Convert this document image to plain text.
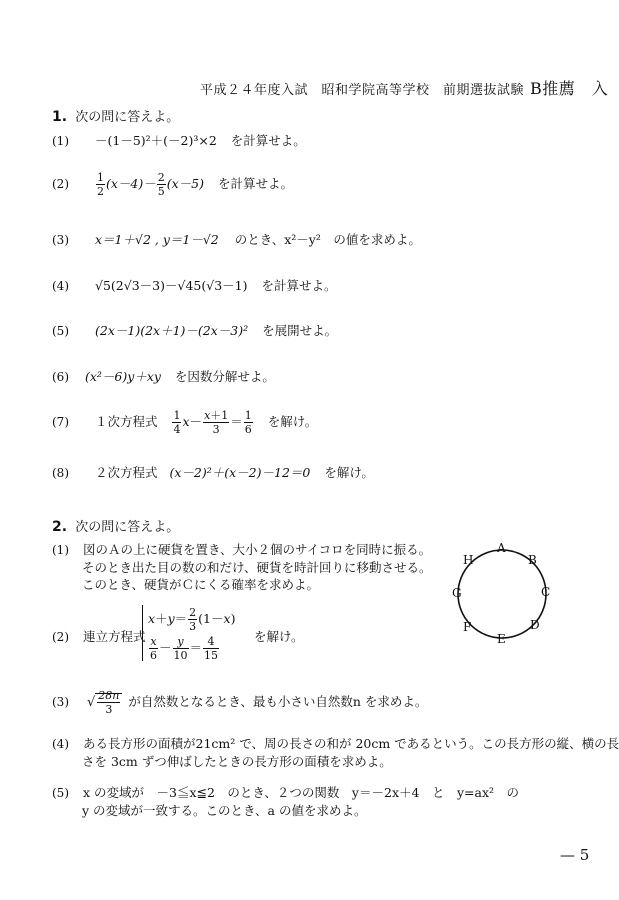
平成２４年度入試　昭和学院高等学校　前期選抜試験 B推薦　入
1. 次の問に答えよ。
(1) －(1－5)²＋(－2)³×2 を計算せよ。
$(2) \frac{1}{2} (x-4)- \frac{2}{5} (x-5)$ を計算せよ。
(3) x＝1＋√2 , y＝1－√2 のとき、x²－y²　の値を求めよ。
(4) √5(2√3－3)－√45(√3－1) を計算せよ。
(5) (2x－1)(2x＋1)－(2x－3)² を展開せよ。
(6) (x²－6)y＋xy を因数分解せよ。
(7) １次方程式 $\frac{1}{4} x- \frac{x+1}{3} = \frac{1}{6}$ を解け。
(8) ２次方程式 (x－2)²＋(x－2)－12＝0 を解け。
2. 次の問に答えよ。
(1) 図のＡの上に硬貨を置き、大小２個のサイコロを同時に振る。
そのとき出た目の数の和だけ、硬貨を時計回りに移動させる。
このとき、硬貨がＣにくる確率を求めよ。
A
B
C
D
E
F
G
H
(2) 連立方程式
$x+y= \frac{2}{3} (1-x)$
$\frac{x}{6} - \frac{y}{10} = \frac{4}{15}$	を解け。
(3) √ $\frac{28n}{3}$ が自然数となるとき、最も小さい自然数n を求めよ。
(4) ある長方形の面積が21cm² で、周の長さの和が 20cm であるという。この長方形の縦、横の長
さを 3cm ずつ伸ばしたときの長方形の面積を求めよ。
(5) x の変域が　－3≦x≦2　のとき、２つの関数　y＝－2x＋4　と　y=ax²　の
y の変域が一致する。このとき、a の値を求めよ。
— 5
